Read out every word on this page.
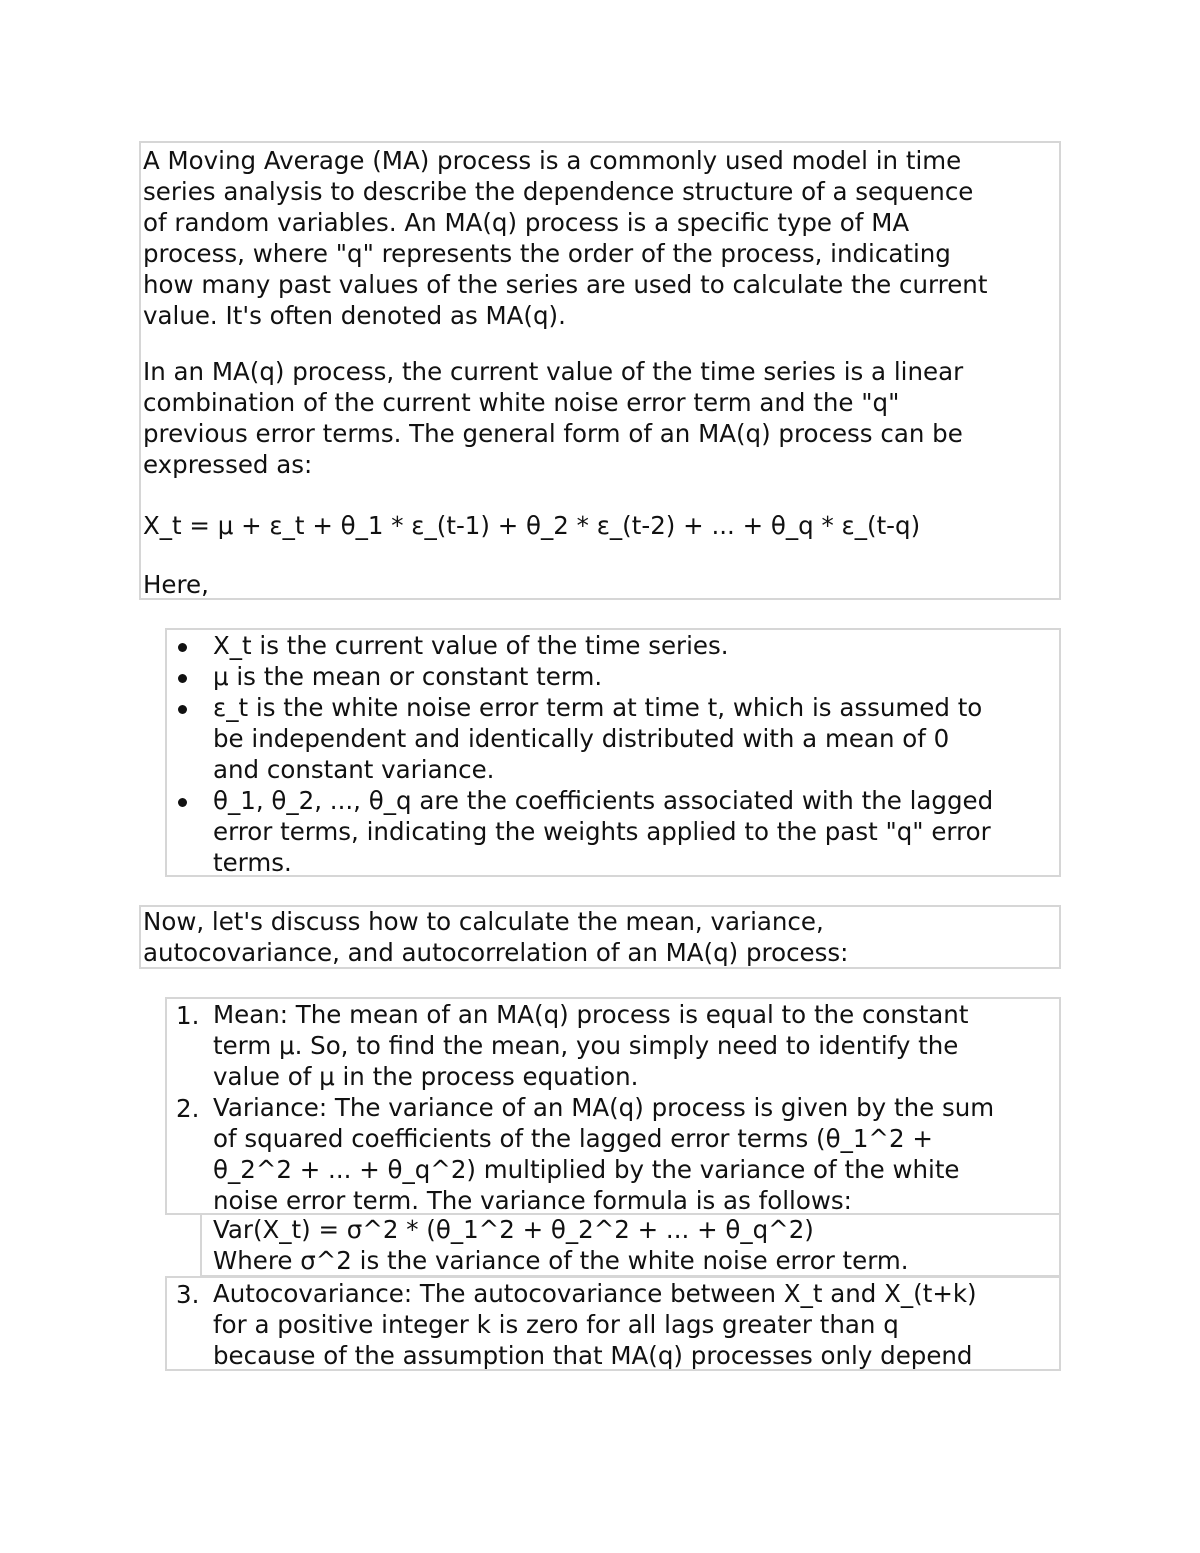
A Moving Average (MA) process is a commonly used model in time
series analysis to describe the dependence structure of a sequence
of random variables. An MA(q) process is a specific type of MA
process, where "q" represents the order of the process, indicating
how many past values of the series are used to calculate the current
value. It's often denoted as MA(q).
In an MA(q) process, the current value of the time series is a linear
combination of the current white noise error term and the "q"
previous error terms. The general form of an MA(q) process can be
expressed as:
X_t = μ + ε_t + θ_1 * ε_(t-1) + θ_2 * ε_(t-2) + ... + θ_q * ε_(t-q)
Here,
X_t is the current value of the time series.
μ is the mean or constant term.
ε_t is the white noise error term at time t, which is assumed to
be independent and identically distributed with a mean of 0
and constant variance.
θ_1, θ_2, ..., θ_q are the coefficients associated with the lagged
error terms, indicating the weights applied to the past "q" error
terms.
Now, let's discuss how to calculate the mean, variance,
autocovariance, and autocorrelation of an MA(q) process:
1. Mean: The mean of an MA(q) process is equal to the constant
term μ. So, to find the mean, you simply need to identify the
value of μ in the process equation.
2. Variance: The variance of an MA(q) process is given by the sum
of squared coefficients of the lagged error terms (θ_1^2 +
θ_2^2 + ... + θ_q^2) multiplied by the variance of the white
noise error term. The variance formula is as follows:
Var(X_t) = σ^2 * (θ_1^2 + θ_2^2 + ... + θ_q^2)
Where σ^2 is the variance of the white noise error term.
3. Autocovariance: The autocovariance between X_t and X_(t+k)
for a positive integer k is zero for all lags greater than q
because of the assumption that MA(q) processes only depend
